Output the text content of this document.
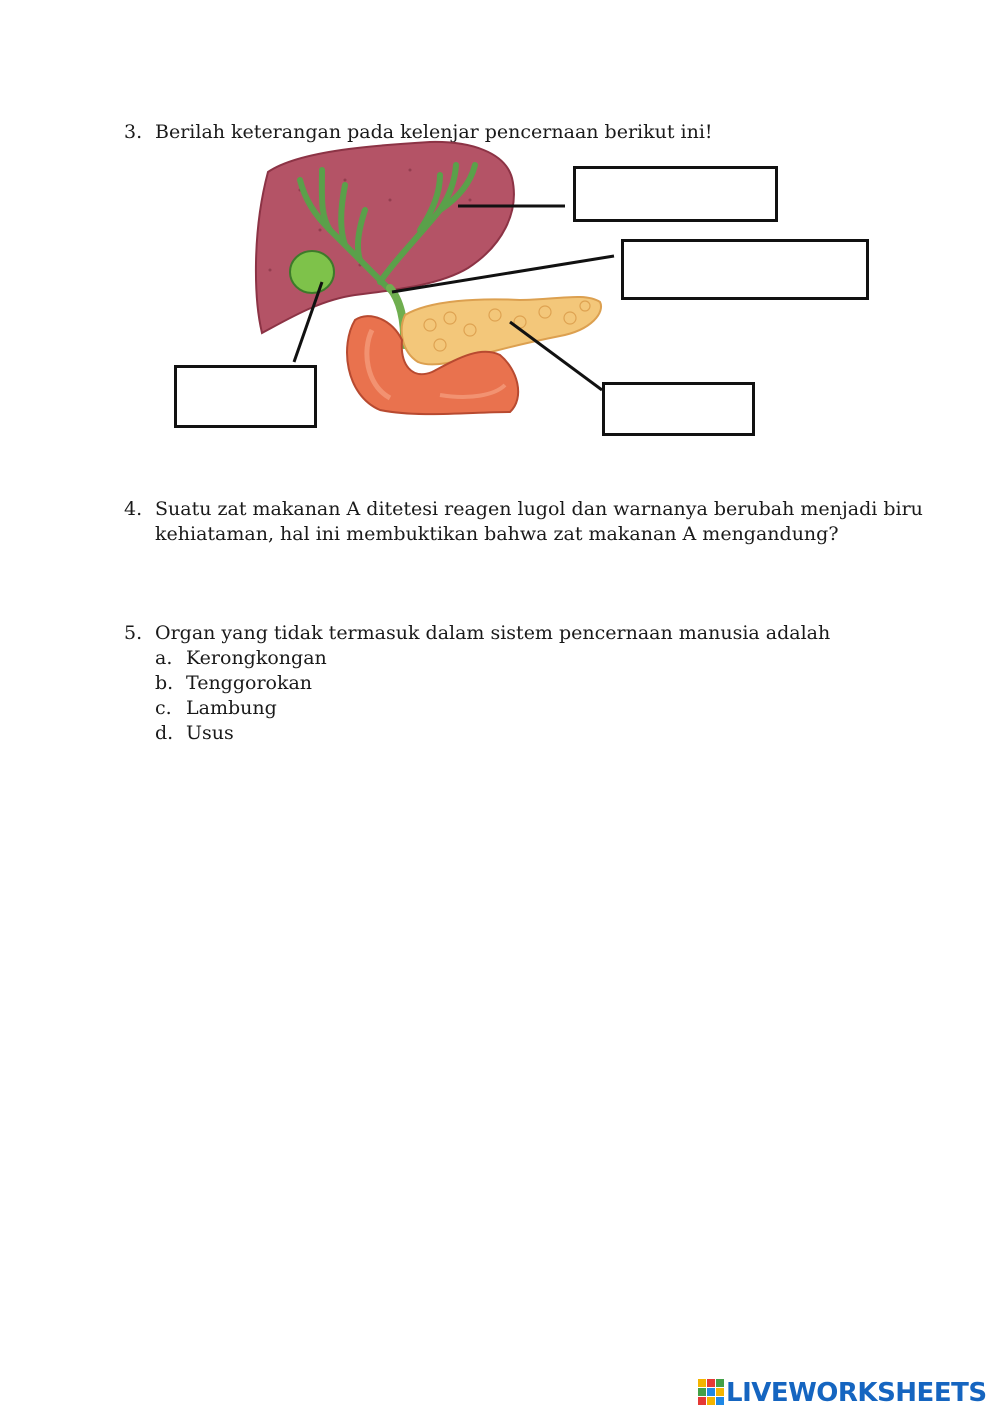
3. Berilah keterangan pada kelenjar pencernaan berikut ini!
4. Suatu zat makanan A ditetesi reagen lugol dan warnanya berubah menjadi biru
kehiataman, hal ini membuktikan bahwa zat makanan A mengandung?
5. Organ yang tidak termasuk dalam sistem pencernaan manusia adalah
a. Kerongkongan
b. Tenggorokan
c. Lambung
d. Usus
LIVEWORKSHEETS
